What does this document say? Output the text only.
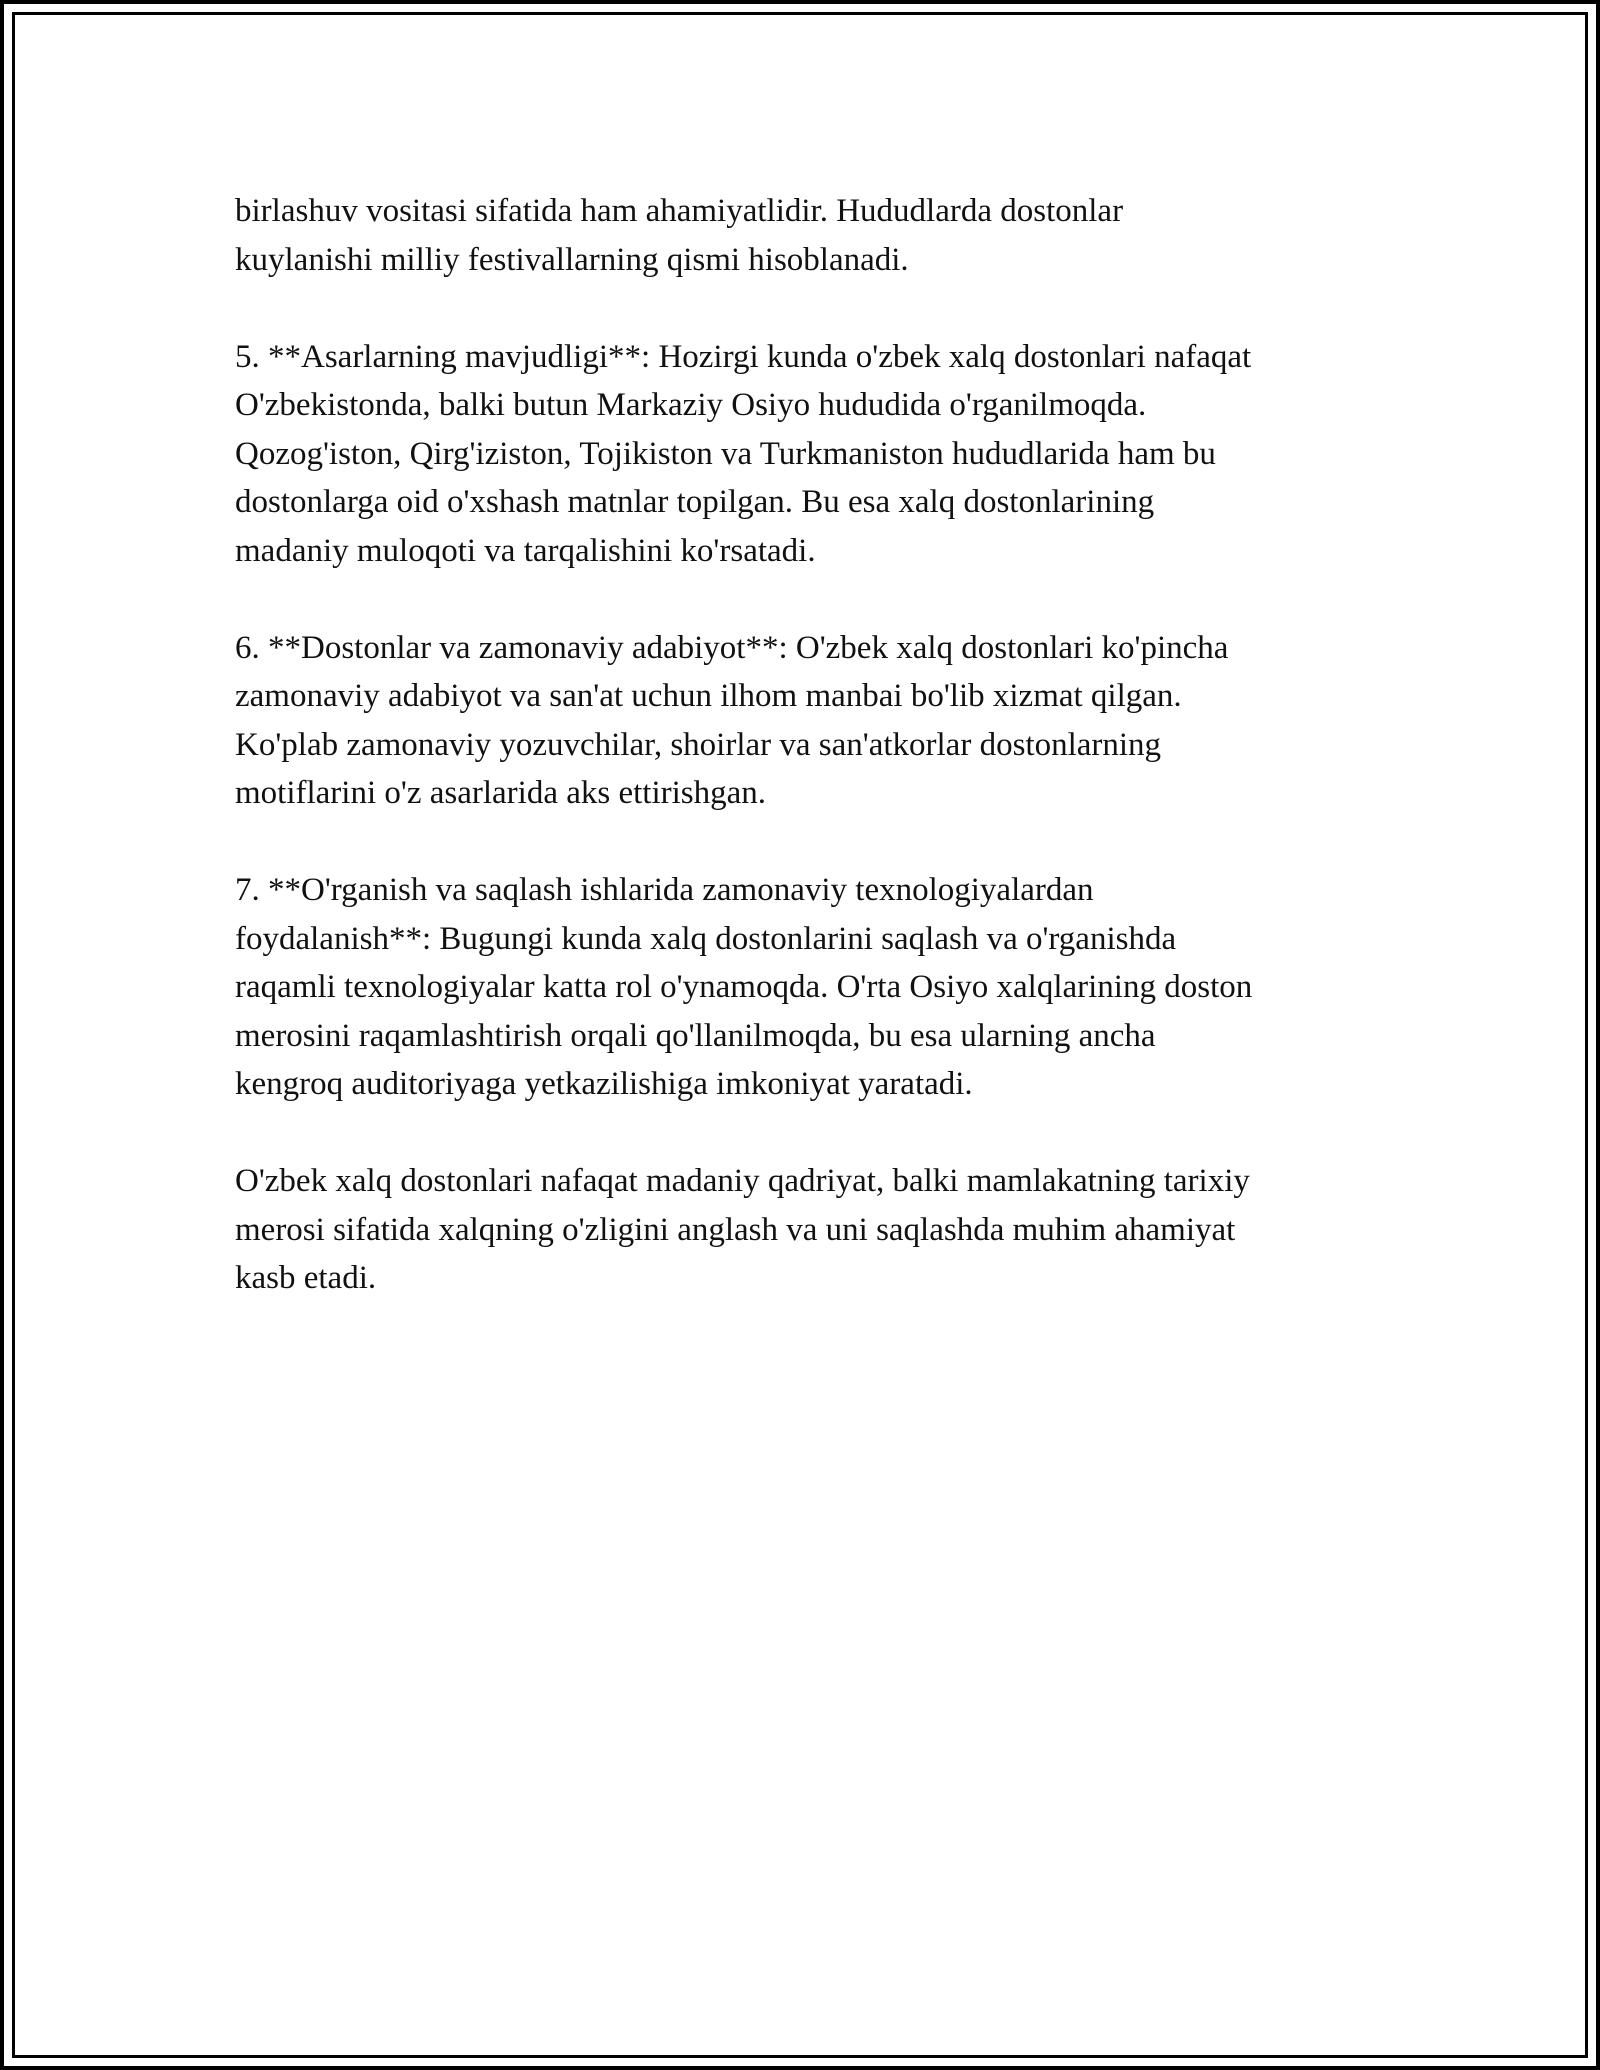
birlashuv vositasi sifatida ham ahamiyatlidir. Hududlarda dostonlar
kuylanishi milliy festivallarning qismi hisoblanadi.

5. **Asarlarning mavjudligi**: Hozirgi kunda o'zbek xalq dostonlari nafaqat
O'zbekistonda, balki butun Markaziy Osiyo hududida o'rganilmoqda.
Qozog'iston, Qirg'iziston, Tojikiston va Turkmaniston hududlarida ham bu
dostonlarga oid o'xshash matnlar topilgan. Bu esa xalq dostonlarining
madaniy muloqoti va tarqalishini ko'rsatadi.

6. **Dostonlar va zamonaviy adabiyot**: O'zbek xalq dostonlari ko'pincha
zamonaviy adabiyot va san'at uchun ilhom manbai bo'lib xizmat qilgan.
Ko'plab zamonaviy yozuvchilar, shoirlar va san'atkorlar dostonlarning
motiflarini o'z asarlarida aks ettirishgan.

7. **O'rganish va saqlash ishlarida zamonaviy texnologiyalardan
foydalanish**: Bugungi kunda xalq dostonlarini saqlash va o'rganishda
raqamli texnologiyalar katta rol o'ynamoqda. O'rta Osiyo xalqlarining doston
merosini raqamlashtirish orqali qo'llanilmoqda, bu esa ularning ancha
kengroq auditoriyaga yetkazilishiga imkoniyat yaratadi.

O'zbek xalq dostonlari nafaqat madaniy qadriyat, balki mamlakatning tarixiy
merosi sifatida xalqning o'zligini anglash va uni saqlashda muhim ahamiyat
kasb etadi.
